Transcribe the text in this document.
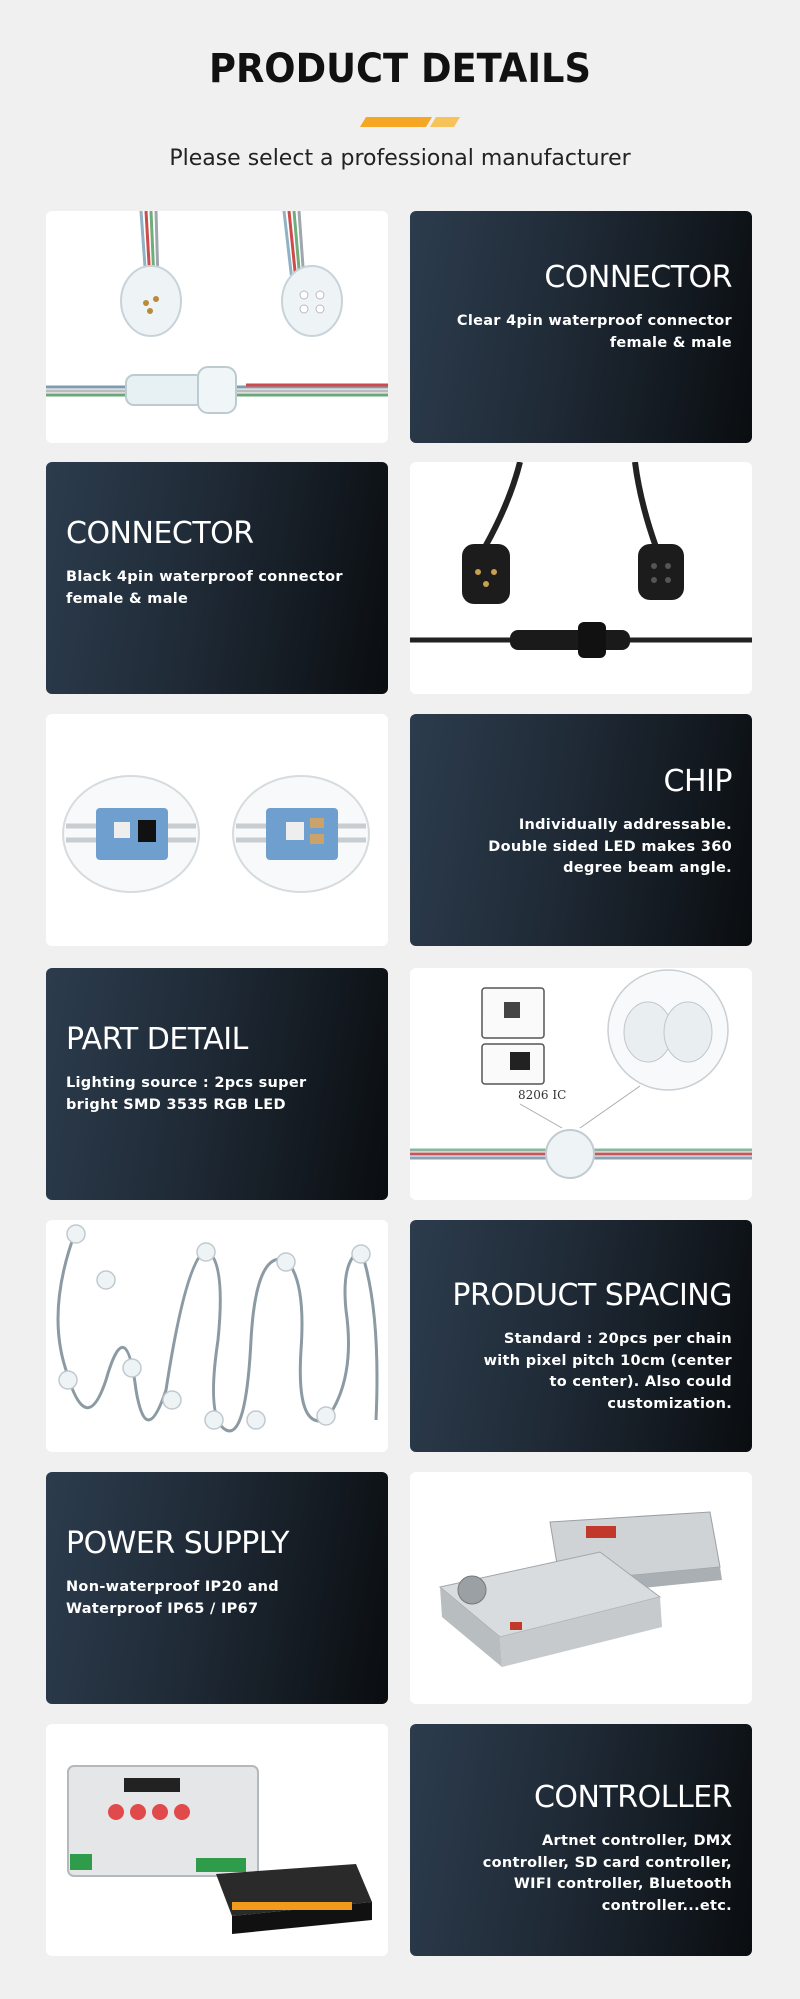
PRODUCT DETAILS
Please select a professional manufacturer
CONNECTOR
Clear 4pin waterproof connector
female & male
CONNECTOR
Black 4pin waterproof connector
female & male
CHIP
Individually addressable.
Double sided LED makes 360
degree beam angle.
PART DETAIL
Lighting source : 2pcs super
bright SMD 3535 RGB LED
8206 IC
PRODUCT SPACING
Standard : 20pcs per chain
with pixel pitch 10cm (center
to center). Also could
customization.
POWER SUPPLY
Non-waterproof IP20 and
Waterproof IP65 / IP67
CONTROLLER
Artnet controller, DMX
controller, SD card controller,
WIFI controller, Bluetooth
controller...etc.
